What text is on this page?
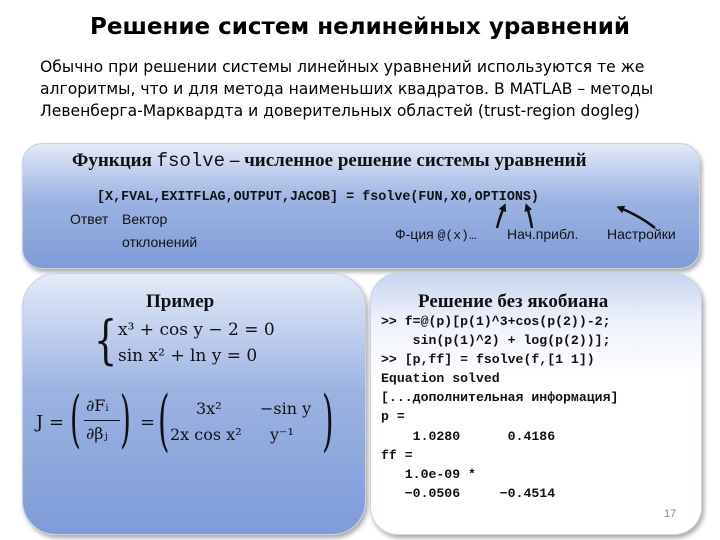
Решение систем нелинейных уравнений
Обычно при решении системы линейных уравнений используются те же алгоритмы, что и для метода наименьших квадратов. В MATLAB – методы Левенберга-Марквардта и доверительных областей (trust-region dogleg)
Функция fsolve – численное решение системы уравнений
[X,FVAL,EXITFLAG,OUTPUT,JACOB] = fsolve(FUN,X0,OPTIONS)
Ответ Вектор
отклонений	Ф-ция @(x)… Нач.прибл. Настройки
Пример
{ x³ + cos y − 2 = 0
sin x² + ln y = 0
J = ( ∂Fᵢ
∂βⱼ ) = ( 3x² −sin y
2x cos x² y⁻¹ )
Решение без якобиана
>> f=@(p)[p(1)^3+cos(p(2))-2;
sin(p(1)^2) + log(p(2))];
>> [p,ff] = fsolve(f,[1 1])
Equation solved
[...дополнительная информация]
p =
1.0280      0.4186
ff =
1.0e-09 *
−0.0506     −0.4514
17
